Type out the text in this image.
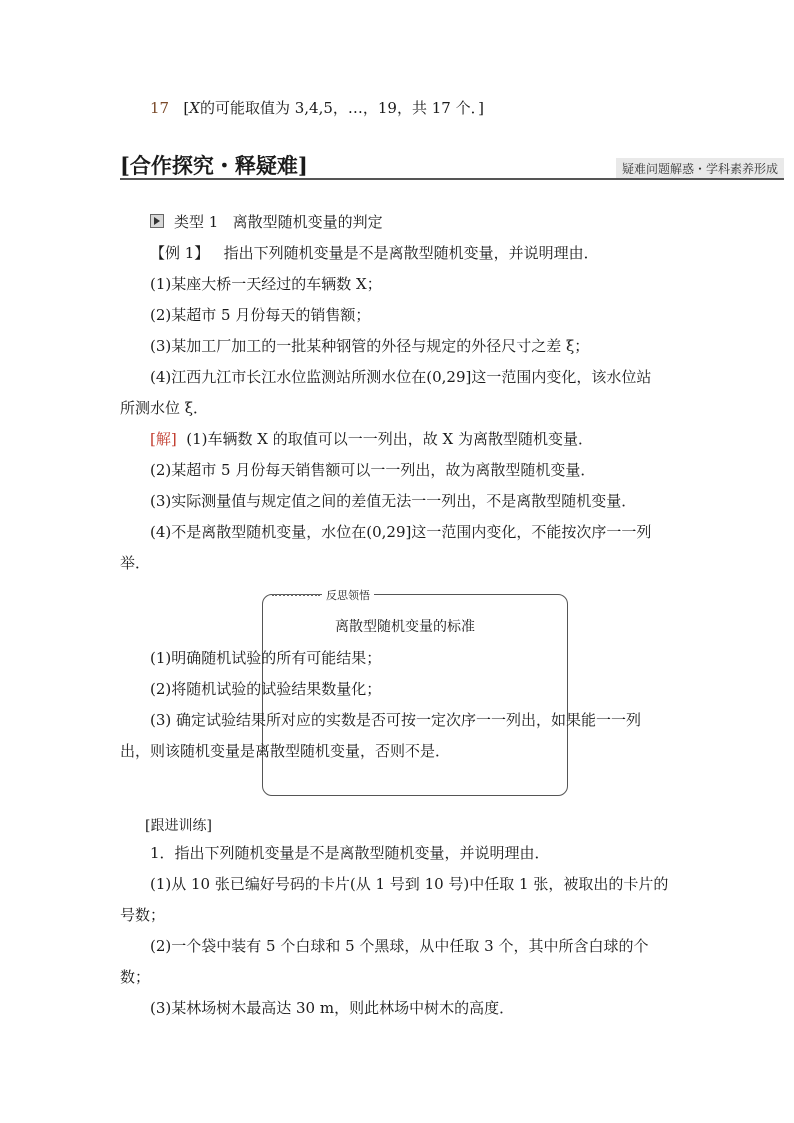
17 [X的可能取值为 3,4,5，…，19，共 17 个．]
[合作探究・释疑难]	疑难问题解惑・学科素养形成
类型 1 离散型随机变量的判定
【例 1】 指出下列随机变量是不是离散型随机变量，并说明理由．
(1)某座大桥一天经过的车辆数 X；
(2)某超市 5 月份每天的销售额；
(3)某加工厂加工的一批某种钢管的外径与规定的外径尺寸之差 ξ；
(4)江西九江市长江水位监测站所测水位在(0,29]这一范围内变化，该水位站
所测水位 ξ．
[解] (1)车辆数 X 的取值可以一一列出，故 X 为离散型随机变量．
(2)某超市 5 月份每天销售额可以一一列出，故为离散型随机变量．
(3)实际测量值与规定值之间的差值无法一一列出，不是离散型随机变量．
(4)不是离散型随机变量，水位在(0,29]这一范围内变化，不能按次序一一列
举．
反思领悟
离散型随机变量的标准
(1)明确随机试验的所有可能结果；
(2)将随机试验的试验结果数量化；
(3) 确定试验结果所对应的实数是否可按一定次序一一列出，如果能一一列
出，则该随机变量是离散型随机变量，否则不是．
[跟进训练]
1．指出下列随机变量是不是离散型随机变量，并说明理由．
(1)从 10 张已编好号码的卡片(从 1 号到 10 号)中任取 1 张，被取出的卡片的
号数；
(2)一个袋中装有 5 个白球和 5 个黑球，从中任取 3 个，其中所含白球的个
数；
(3)某林场树木最高达 30 m，则此林场中树木的高度．
